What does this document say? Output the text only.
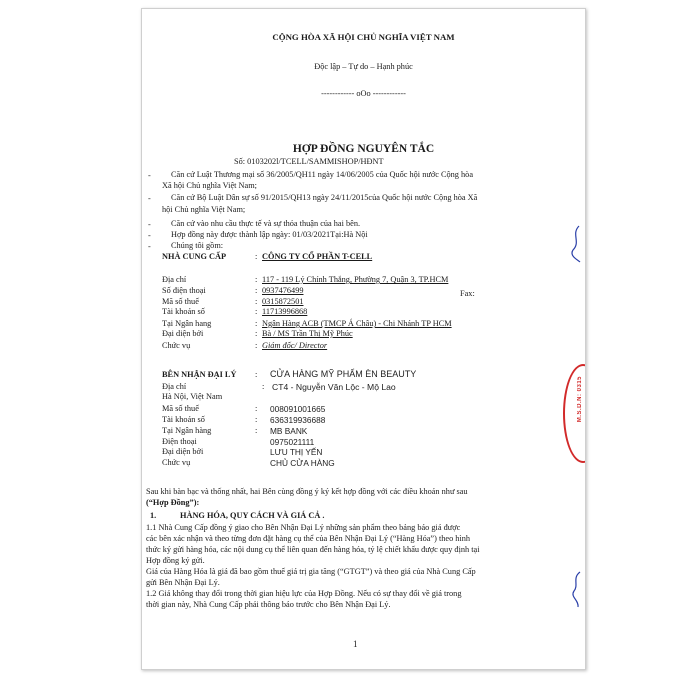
CỘNG HÒA XÃ HỘI CHỦ NGHĨA VIỆT NAM
Độc lập – Tự do – Hạnh phúc
------------ oOo ------------
HỢP ĐỒNG NGUYÊN TẮC
Số: 0103202l/TCELL/SAMMISHOP/HĐNT
- Căn cứ Luật Thương mại số 36/2005/QH11 ngày 14/06/2005 của Quốc hội nước Cộng hòa
Xã hội Chủ nghĩa Việt Nam;
- Căn cứ Bộ Luật Dân sự số 91/2015/QH13 ngày 24/11/2015của Quốc hội nước Cộng hòa Xã
hội Chủ nghĩa Việt Nam;
- Căn cứ vào nhu cầu thực tế và sự thỏa thuận của hai bên.
- Hợp đồng này được thành lập ngày: 01/03/2021Tại:Hà Nội
- Chúng tôi gồm:
NHÀ CUNG CẤP	: CÔNG TY CỔ PHẦN T-CELL
Địa chỉ	: 117 - 119 Lý Chính Thắng, Phường 7, Quận 3, TP.HCM
Số điện thoại	: 0937476499	Fax:
Mã số thuế	: 0315872501
Tài khoản số	: 11713996868
Tại Ngân hang	: Ngân Hàng ACB (TMCP Á Châu) - Chi Nhánh TP HCM
Đại diện bởi	: Bà / MS Trần Thị Mỹ Phúc
Chức vụ	: Giám đốc/ Director
BÊN NHẬN ĐẠI LÝ : CỬA HÀNG MỸ PHẨM ÈN BEAUTY
Địa chỉ	: CT4 - Nguyễn Văn Lộc - Mộ Lao
Hà Nội, Việt Nam
Mã số thuế	: 008091001665
Tài khoản số	: 636319936688
Tại Ngân hàng	: MB BANK
Điện thoại	0975021111
Đại diện bởi	LƯU THỊ YẾN
Chức vụ	CHỦ CỬA HÀNG
Sau khi bàn bạc và thống nhất, hai Bên cùng đồng ý ký kết hợp đồng với các điều khoản như sau
(“Hợp Đồng”):
1.	HÀNG HÓA, QUY CÁCH VÀ GIÁ CẢ .
1.1 Nhà Cung Cấp đồng ý giao cho Bên Nhận Đại Lý những sản phẩm theo bảng báo giá được
các bên xác nhận và theo từng đơn đặt hàng cụ thể của Bên Nhận Đại Lý (“Hàng Hóa”) theo hình
thức ký gửi hàng hóa, các nội dung cụ thể liên quan đến hàng hóa, tỷ lệ chiết khấu được quy định tại
Hợp đồng ký gửi.
Giá của Hàng Hóa là giá đã bao gồm thuế giá trị gia tăng (“GTGT”) và theo giá của Nhà Cung Cấp
gửi Bên Nhận Đại Lý.
1.2 Giá không thay đổi trong thời gian hiệu lực của Hợp Đồng. Nếu có sự thay đổi về giá trong
thời gian này, Nhà Cung Cấp phải thông báo trước cho Bên Nhận Đại Lý.
1
M.S.D.N: 0315
